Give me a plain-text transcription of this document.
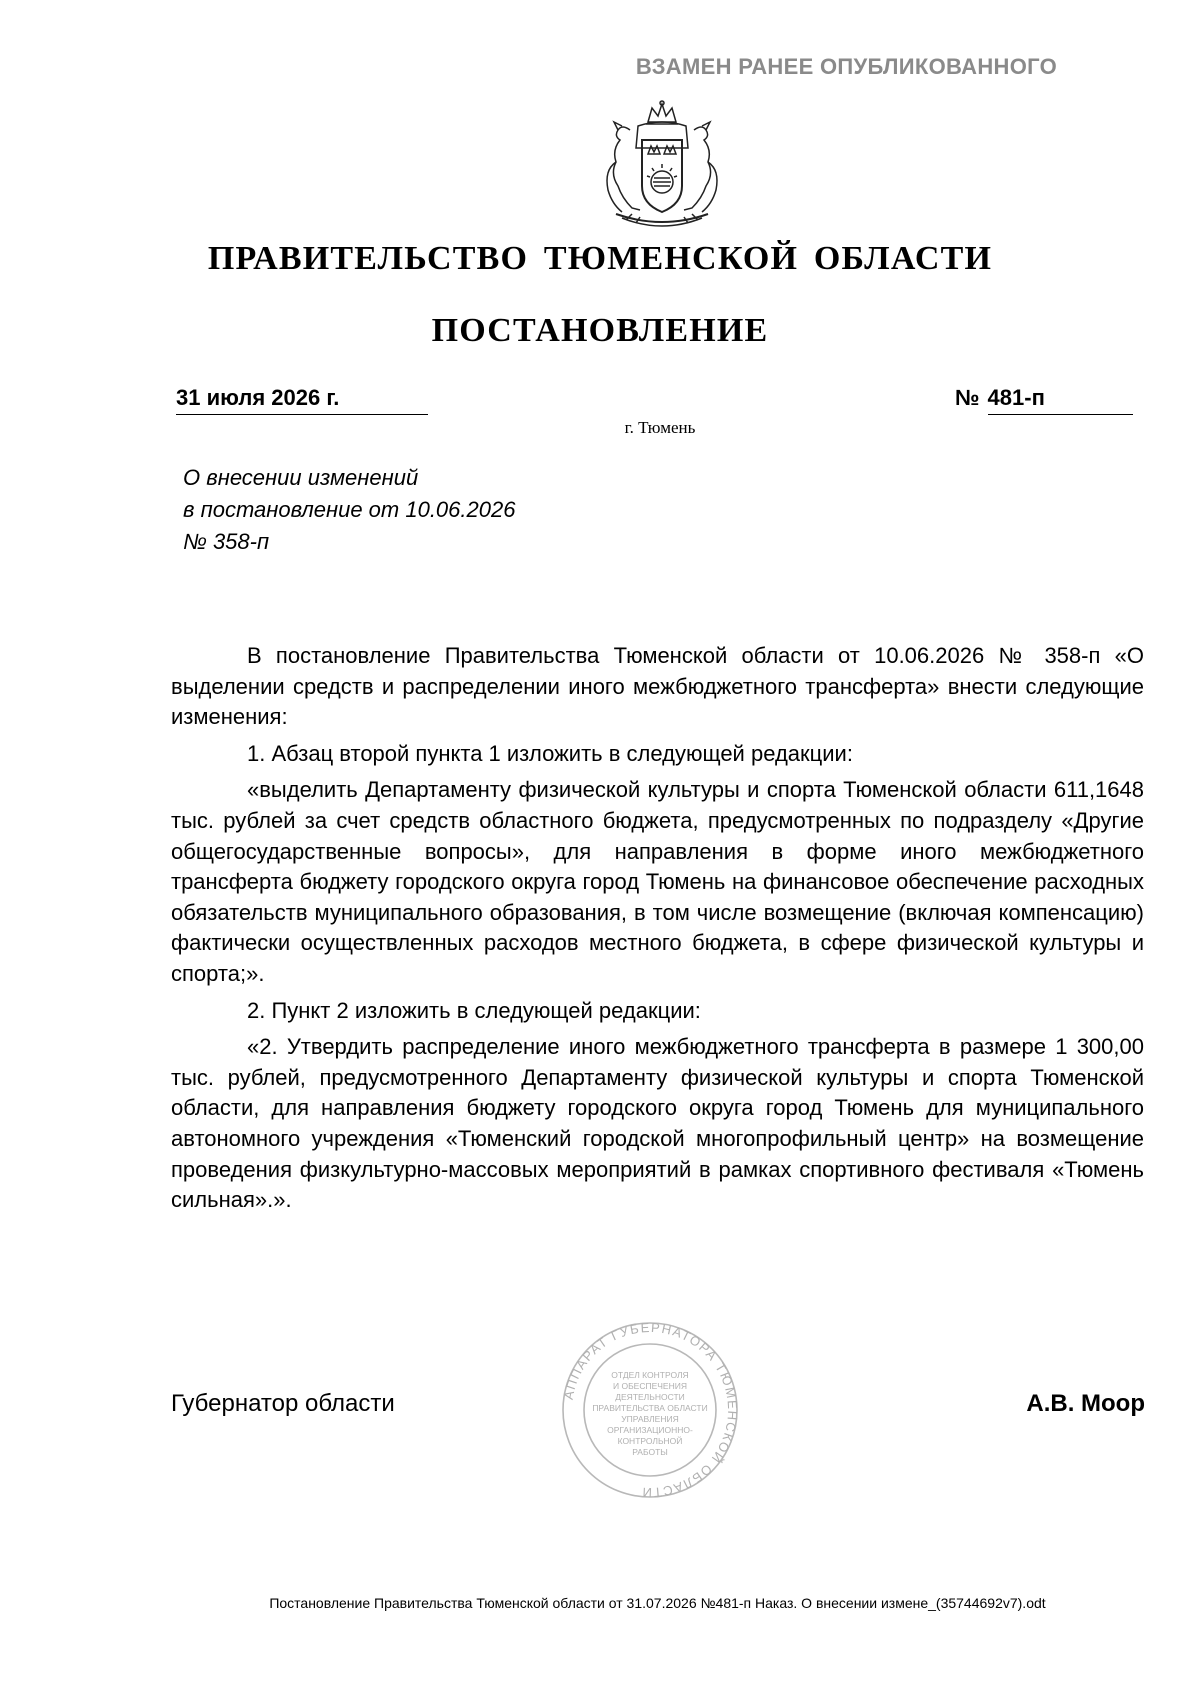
ВЗАМЕН РАНЕЕ ОПУБЛИКОВАННОГО
ПРАВИТЕЛЬСТВО ТЮМЕНСКОЙ ОБЛАСТИ
ПОСТАНОВЛЕНИЕ
31 июля 2026 г.	№ 481-п
г. Тюмень
О внесении изменений
в постановление от 10.06.2026
№ 358-п

В постановление Правительства Тюменской области от 10.06.2026 № 358-п «О выделении средств и распределении иного межбюджетного трансферта» внести следующие изменения:

1. Абзац второй пункта 1 изложить в следующей редакции:

«выделить Департаменту физической культуры и спорта Тюменской области 611,1648 тыс. рублей за счет средств областного бюджета, предусмотренных по подразделу «Другие общегосударственные вопросы», для направления в форме иного межбюджетного трансферта бюджету городского округа город Тюмень на финансовое обеспечение расходных обязательств муниципального образования, в том числе возмещение (включая компенсацию) фактически осуществленных расходов местного бюджета, в сфере физической культуры и спорта;».

2. Пункт 2 изложить в следующей редакции:

«2. Утвердить распределение иного межбюджетного трансферта в размере 1 300,00 тыс. рублей, предусмотренного Департаменту физической культуры и спорта Тюменской области, для направления бюджету городского округа город Тюмень для муниципального автономного учреждения «Тюменский городской многопрофильный центр» на возмещение проведения физкультурно-массовых мероприятий в рамках спортивного фестиваля «Тюмень сильная».».

АППАРАТ ГУБЕРНАТОРА ТЮМЕНСКОЙ ОБЛАСТИ
ОТДЕЛ КОНТРОЛЯ
И ОБЕСПЕЧЕНИЯ
ДЕЯТЕЛЬНОСТИ
ПРАВИТЕЛЬСТВА ОБЛАСТИ
УПРАВЛЕНИЯ
ОРГАНИЗАЦИОННО-
КОНТРОЛЬНОЙ
РАБОТЫ
Губернатор области	А.В. Моор
Постановление Правительства Тюменской области от 31.07.2026 №481-п Наказ. О внесении измене_(35744692v7).odt
